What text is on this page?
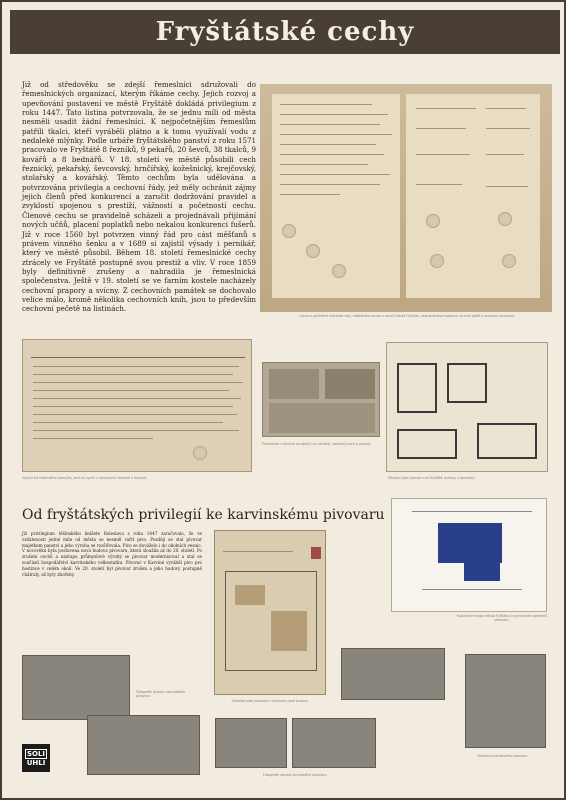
Fryštátské cechy

Již od středověku se zdejší řemeslníci sdružovali do řemeslnických organizací, kterým říkáme cechy. Jejich rozvoj a upevňování postavení ve městě Fryštátě dokládá privilegium z roku 1447. Tato listina potvrzovala, že se jednu míli od města nesměli usadit žádní řemeslníci. K nejpočetnějším řemeslům patřili tkalci, kteří vyráběli plátno a k tomu využívali vodu z nedaleké mlýnky. Podle urbáře fryštátského panství z roku 1571 pracovalo ve Fryštátě 8 řezníků, 9 pekařů, 20 ševců, 38 tkalců, 9 kovářů a 8 bednářů. V 18. století ve městě působili cech řeznický, pekařský, ševcovský, hrnčířský, kožešnický, krejčovský, stolařský a kovářský. Těmto cechům byla udělována a potvrzována privilegia a cechovní řády, jež měly ochránit zájmy jejich členů před konkurencí a zaručit dodržování pravidel a zvyklostí spojenou s prestiží, vážností a početností cechu. Členové cechu se pravidelně scházeli a projednávali přijímání nových učňů, placení poplatků nebo nekalou konkurenci fušerů. Již v roce 1560 byl potvrzen vinný řád pro cást měšťanů s právem vinného šenku a v 1689 si zajistil výsady i pernikář, který ve městě působil. Během 18. století řemeslnické cechy ztrácely ve Fryštátě postupně svou prestiž a vliv. V roce 1859 byly definitivně zrušeny a nahradila je řemeslnická společenstva. Ještě v 19. století se ve farním kostele nacházely cechovní prapory a svícny. Z cechovních památek se dochovalo velice málo, kromě několika cechovních knih, jsou to především cechovní pečetě na listinách.

Listina s pečetěmi městské rady, městského soudu a cechů města Fryštátu, zaznamenává kupovce na orné půdě a cechovní privilegia.
Výuční list řeznického tovaryše, jenž se vyučil v cechovním řemesle v Karviné.
Pohlednice z Karviné se záběry na náměstí, zámecký park a pivovar.
Situační plán pivovaru ve Fryštátě, budovy a pozemky.
Od fryštátských privilegií ke karvinskému pivovaru

Již privilegium těšínského knížete Boleslava z roku 1447 zaručovalo, že ve vzdálenosti jedné míle od města se nesměl vařit pivo. Později se stal pivovar majetkem panství a jeho výroba se rozšiřovala. Pivo se dováželo i do okolních vesnic. V novověku byla postavena nová budova pivovaru, která sloužila až do 20. století. Po zrušení cechů a nástupu průmyslové výroby se pivovar modernizoval a stal se součástí hospodářství karvinského velkostatku. Pivovar v Karviné vyráběl pivo pro hostince v celém okolí. Ve 20. století byl pivovar zrušen a jeho budovy postupně chátraly, až byly zbořeny.

Stavební plán pivovaru s návrhem nové budovy.
Katastrální mapa města Fryštátu s vyznačením pozemků pivovaru.
Fotografie budovy karvinského pivovaru.
Fotografie staveb karvinského pivovaru.
Demolice karvinského pivovaru.
SOLI
UHLÍ
